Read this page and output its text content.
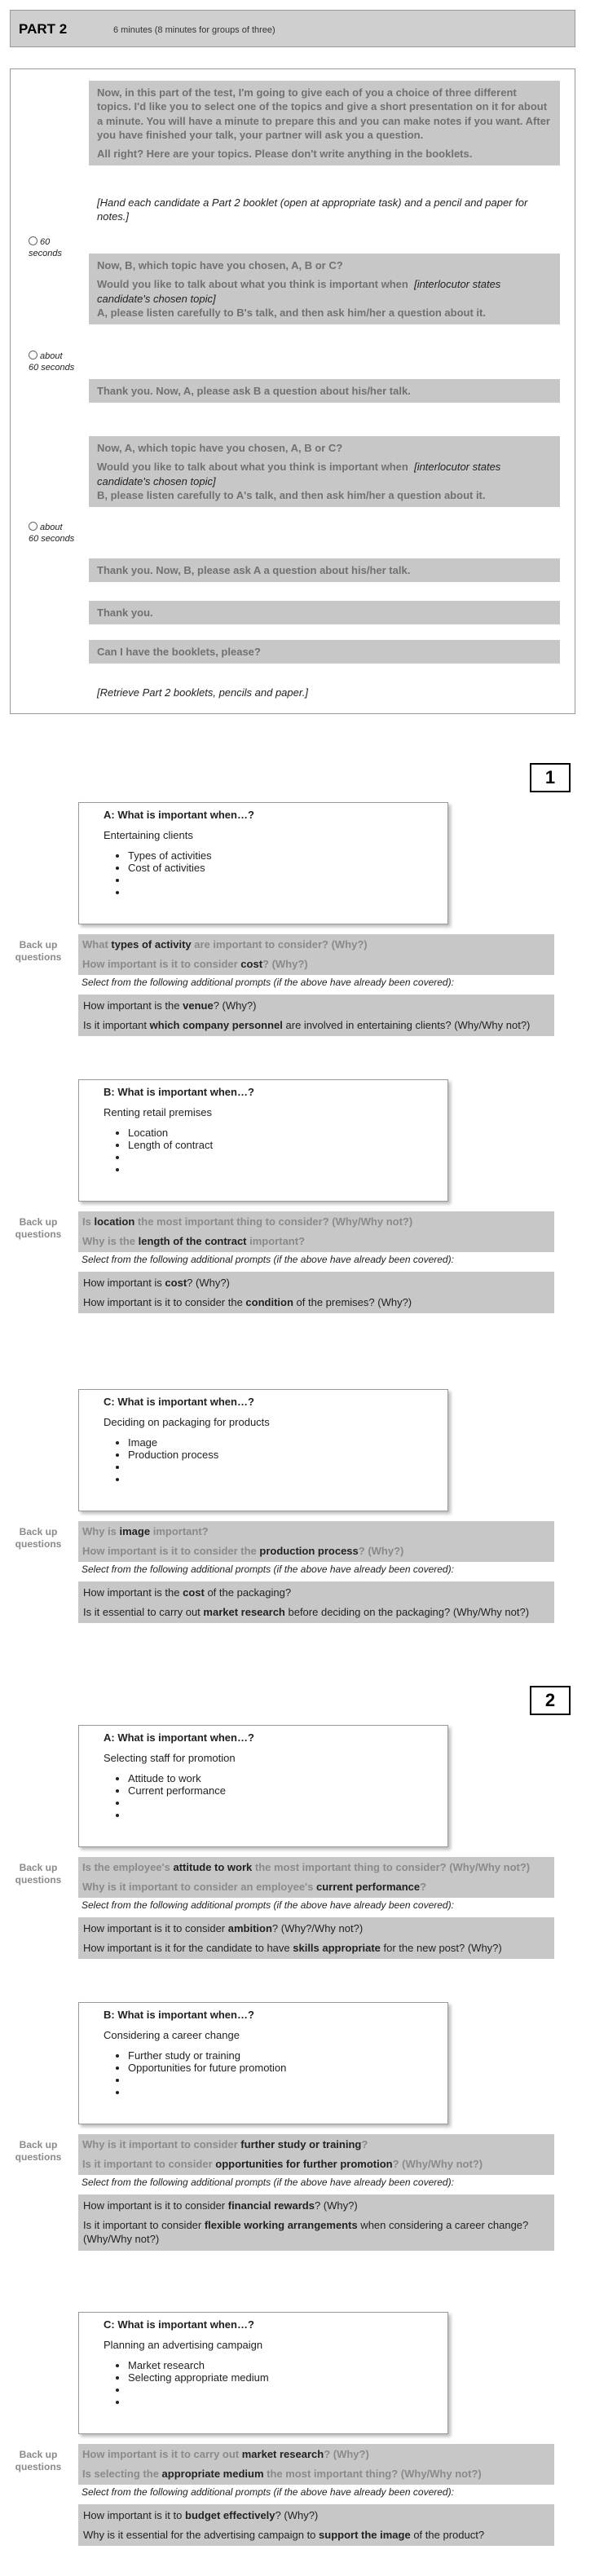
PART 2	6 minutes (8 minutes for groups of three)

Now, in this part of the test, I'm going to give each of you a choice of three different topics. I'd like you to select one of the topics and give a short presentation on it for about a minute. You will have a minute to prepare this and you can make notes if you want. After you have finished your talk, your partner will ask you a question.

All right? Here are your topics. Please don't write anything in the booklets.

[Hand each candidate a Part 2 booklet (open at appropriate task) and a pencil and paper for notes.]
60
seconds

Now, B, which topic have you chosen, A, B or C?

Would you like to talk about what you think is important when [interlocutor states candidate's chosen topic]

A, please listen carefully to B's talk, and then ask him/her a question about it.

about
60 seconds
Thank you. Now, A, please ask B a question about his/her talk.

Now, A, which topic have you chosen, A, B or C?

Would you like to talk about what you think is important when [interlocutor states candidate's chosen topic]

B, please listen carefully to A's talk, and then ask him/her a question about it.

about
60 seconds
Thank you. Now, B, please ask A a question about his/her talk.
Thank you.
Can I have the booklets, please?
[Retrieve Part 2 booklets, pencils and paper.]
1
A: What is important when…?
Entertaining clients
• Types of activities
• Cost of activities
•
•
Back up questions
What types of activity are important to consider? (Why?)
How important is it to consider cost? (Why?)
Select from the following additional prompts (if the above have already been covered):

How important is the venue? (Why?)

Is it important which company personnel are involved in entertaining clients? (Why/Why not?)

B: What is important when…?
Renting retail premises
• Location
• Length of contract
•
•
Back up questions
Is location the most important thing to consider? (Why/Why not?)
Why is the length of the contract important?
Select from the following additional prompts (if the above have already been covered):

How important is cost? (Why?)

How important is it to consider the condition of the premises? (Why?)

C: What is important when…?
Deciding on packaging for products
• Image
• Production process
•
•
Back up questions
Why is image important?
How important is it to consider the production process? (Why?)
Select from the following additional prompts (if the above have already been covered):

How important is the cost of the packaging?

Is it essential to carry out market research before deciding on the packaging? (Why/Why not?)

2
A: What is important when…?
Selecting staff for promotion
• Attitude to work
• Current performance
•
•
Back up questions
Is the employee's attitude to work the most important thing to consider? (Why/Why not?)
Why is it important to consider an employee's current performance?
Select from the following additional prompts (if the above have already been covered):

How important is it to consider ambition? (Why?/Why not?)

How important is it for the candidate to have skills appropriate for the new post? (Why?)

B: What is important when…?
Considering a career change
• Further study or training
• Opportunities for future promotion
•
•
Back up questions
Why is it important to consider further study or training?
Is it important to consider opportunities for further promotion? (Why/Why not?)
Select from the following additional prompts (if the above have already been covered):

How important is it to consider financial rewards? (Why?)

Is it important to consider flexible working arrangements when considering a career change? (Why/Why not?)

C: What is important when…?
Planning an advertising campaign
• Market research
• Selecting appropriate medium
•
•
Back up questions
How important is it to carry out market research? (Why?)
Is selecting the appropriate medium the most important thing? (Why/Why not?)
Select from the following additional prompts (if the above have already been covered):

How important is it to budget effectively? (Why?)

Why is it essential for the advertising campaign to support the image of the product?
